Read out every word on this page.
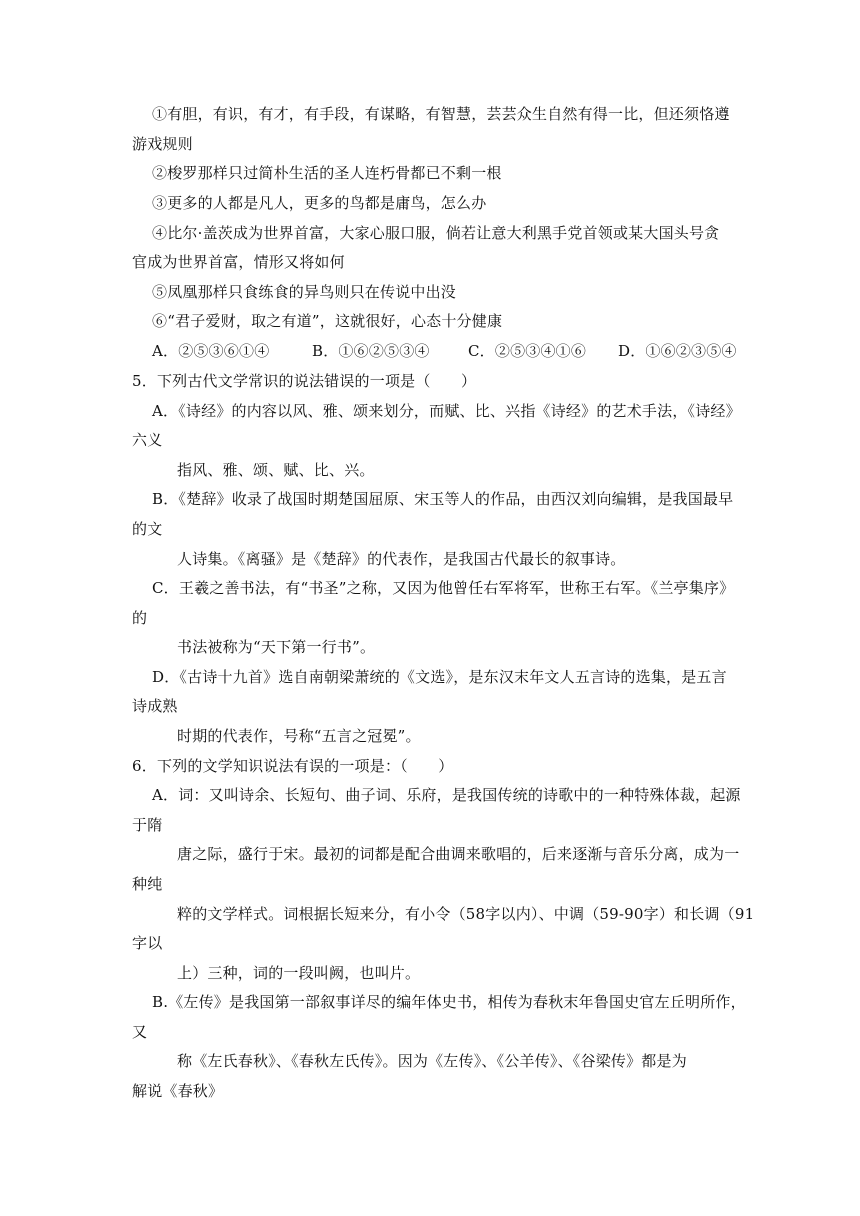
①有胆，有识，有才，有手段，有谋略，有智慧，芸芸众生自然有得一比，但还须恪遵
游戏规则
②梭罗那样只过简朴生活的圣人连朽骨都已不剩一根
③更多的人都是凡人，更多的鸟都是庸鸟，怎么办
④比尔·盖茨成为世界首富，大家心服口服，倘若让意大利黑手党首领或某大国头号贪
官成为世界首富，情形又将如何
⑤凤凰那样只食练食的异鸟则只在传说中出没
⑥“君子爱财，取之有道”，这就很好，心态十分健康
A．②⑤③⑥①④	B．①⑥②⑤③④	C．②⑤③④①⑥ D．①⑥②③⑤④
5．下列古代文学常识的说法错误的一项是（　　）
A．《诗经》的内容以风、雅、颂来划分，而赋、比、兴指《诗经》的艺术手法，《诗经》
六义
指风、雅、颂、赋、比、兴。
B．《楚辞》收录了战国时期楚国屈原、宋玉等人的作品，由西汉刘向编辑，是我国最早
的文
人诗集。《离骚》是《楚辞》的代表作，是我国古代最长的叙事诗。
C．王羲之善书法，有“书圣”之称，又因为他曾任右军将军，世称王右军。《兰亭集序》
的
书法被称为“天下第一行书”。
D．《古诗十九首》选自南朝梁萧统的《文选》，是东汉末年文人五言诗的选集，是五言
诗成熟
时期的代表作，号称“五言之冠冕”。
6．下列的文学知识说法有误的一项是：（　　）
A．词：又叫诗余、长短句、曲子词、乐府，是我国传统的诗歌中的一种特殊体裁，起源
于隋
唐之际，盛行于宋。最初的词都是配合曲调来歌唱的，后来逐渐与音乐分离，成为一
种纯
粹的文学样式。词根据长短来分，有小令（58字以内）、中调（59-90字）和长调（91
字以
上）三种，词的一段叫阙，也叫片。
B.《左传》是我国第一部叙事详尽的编年体史书，相传为春秋末年鲁国史官左丘明所作，
又
称《左氏春秋》、《春秋左氏传》。因为《左传》、《公羊传》、《谷梁传》都是为
解说《春秋》
